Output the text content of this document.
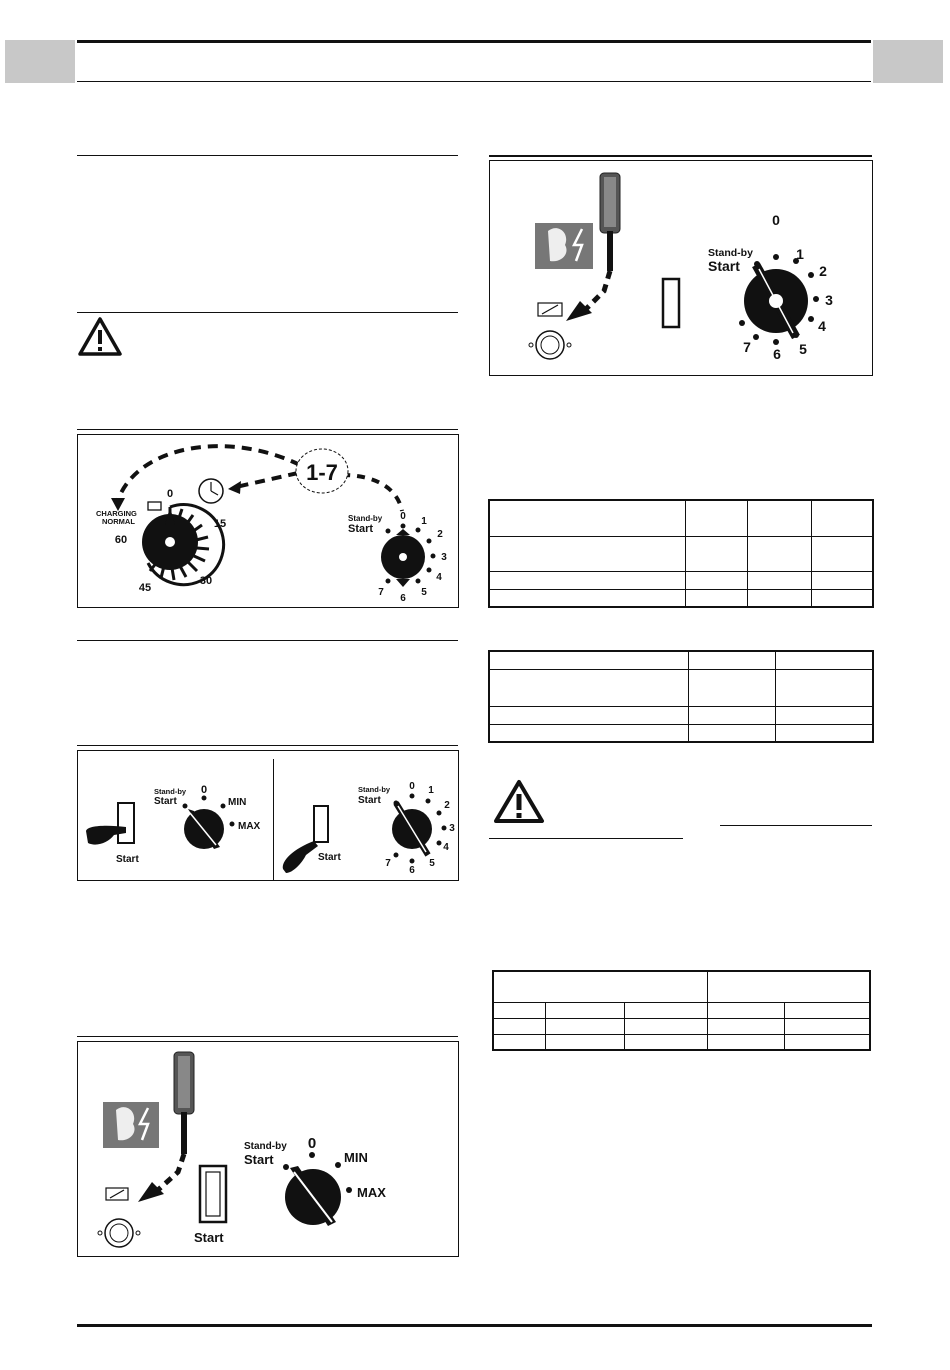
1-7
CHARGING
NORMAL
0
15
30
45
60
Stand-by
Start
0 1
2
3
4
5
6
7
Start
Stand-by
Start
0
MIN
MAX
Start
Stand-by
Start
0 1
2
3
4
5
6
7
Start
Stand-by
Start
0
MIN
MAX
Stand-by
Start
0
1
2
3
4
5
6
7
